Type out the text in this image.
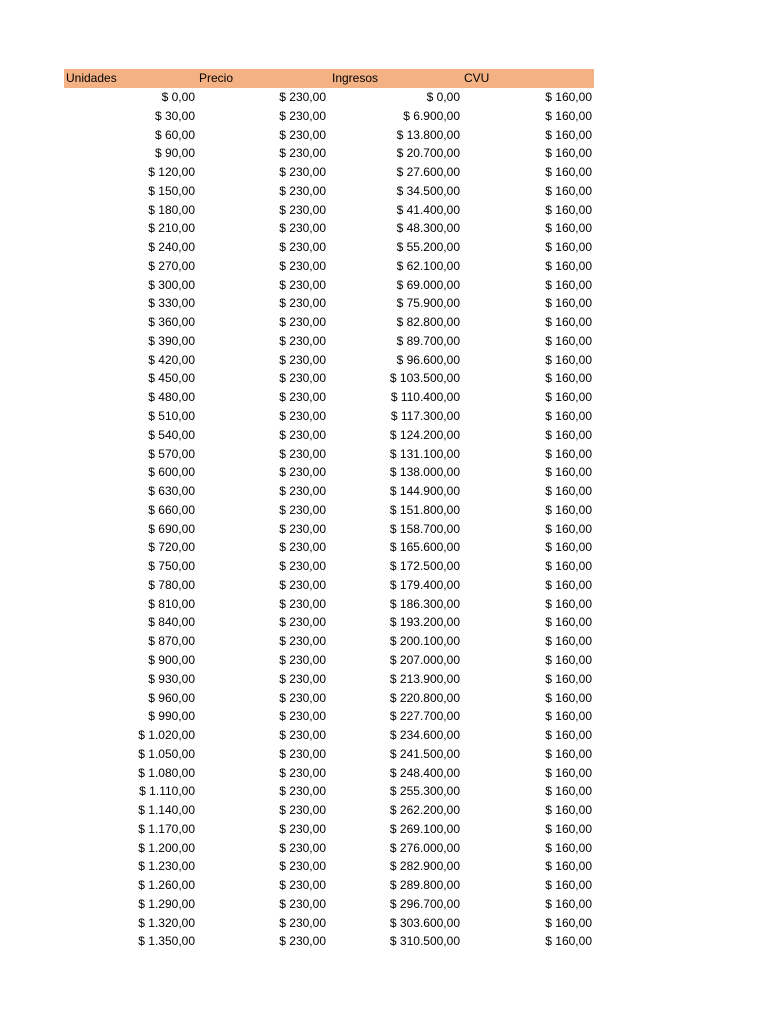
Unidades	Precio	Ingresos	CVU
$ 0,00	$ 230,00	$ 0,00	$ 160,00
$ 30,00	$ 230,00	$ 6.900,00	$ 160,00
$ 60,00	$ 230,00	$ 13.800,00	$ 160,00
$ 90,00	$ 230,00	$ 20.700,00	$ 160,00
$ 120,00	$ 230,00	$ 27.600,00	$ 160,00
$ 150,00	$ 230,00	$ 34.500,00	$ 160,00
$ 180,00	$ 230,00	$ 41.400,00	$ 160,00
$ 210,00	$ 230,00	$ 48.300,00	$ 160,00
$ 240,00	$ 230,00	$ 55.200,00	$ 160,00
$ 270,00	$ 230,00	$ 62.100,00	$ 160,00
$ 300,00	$ 230,00	$ 69.000,00	$ 160,00
$ 330,00	$ 230,00	$ 75.900,00	$ 160,00
$ 360,00	$ 230,00	$ 82.800,00	$ 160,00
$ 390,00	$ 230,00	$ 89.700,00	$ 160,00
$ 420,00	$ 230,00	$ 96.600,00	$ 160,00
$ 450,00	$ 230,00	$ 103.500,00	$ 160,00
$ 480,00	$ 230,00	$ 110.400,00	$ 160,00
$ 510,00	$ 230,00	$ 117.300,00	$ 160,00
$ 540,00	$ 230,00	$ 124.200,00	$ 160,00
$ 570,00	$ 230,00	$ 131.100,00	$ 160,00
$ 600,00	$ 230,00	$ 138.000,00	$ 160,00
$ 630,00	$ 230,00	$ 144.900,00	$ 160,00
$ 660,00	$ 230,00	$ 151.800,00	$ 160,00
$ 690,00	$ 230,00	$ 158.700,00	$ 160,00
$ 720,00	$ 230,00	$ 165.600,00	$ 160,00
$ 750,00	$ 230,00	$ 172.500,00	$ 160,00
$ 780,00	$ 230,00	$ 179.400,00	$ 160,00
$ 810,00	$ 230,00	$ 186.300,00	$ 160,00
$ 840,00	$ 230,00	$ 193.200,00	$ 160,00
$ 870,00	$ 230,00	$ 200.100,00	$ 160,00
$ 900,00	$ 230,00	$ 207.000,00	$ 160,00
$ 930,00	$ 230,00	$ 213.900,00	$ 160,00
$ 960,00	$ 230,00	$ 220.800,00	$ 160,00
$ 990,00	$ 230,00	$ 227.700,00	$ 160,00
$ 1.020,00	$ 230,00	$ 234.600,00	$ 160,00
$ 1.050,00	$ 230,00	$ 241.500,00	$ 160,00
$ 1.080,00	$ 230,00	$ 248.400,00	$ 160,00
$ 1.110,00	$ 230,00	$ 255.300,00	$ 160,00
$ 1.140,00	$ 230,00	$ 262.200,00	$ 160,00
$ 1.170,00	$ 230,00	$ 269.100,00	$ 160,00
$ 1.200,00	$ 230,00	$ 276.000,00	$ 160,00
$ 1.230,00	$ 230,00	$ 282.900,00	$ 160,00
$ 1.260,00	$ 230,00	$ 289.800,00	$ 160,00
$ 1.290,00	$ 230,00	$ 296.700,00	$ 160,00
$ 1.320,00	$ 230,00	$ 303.600,00	$ 160,00
$ 1.350,00	$ 230,00	$ 310.500,00	$ 160,00
